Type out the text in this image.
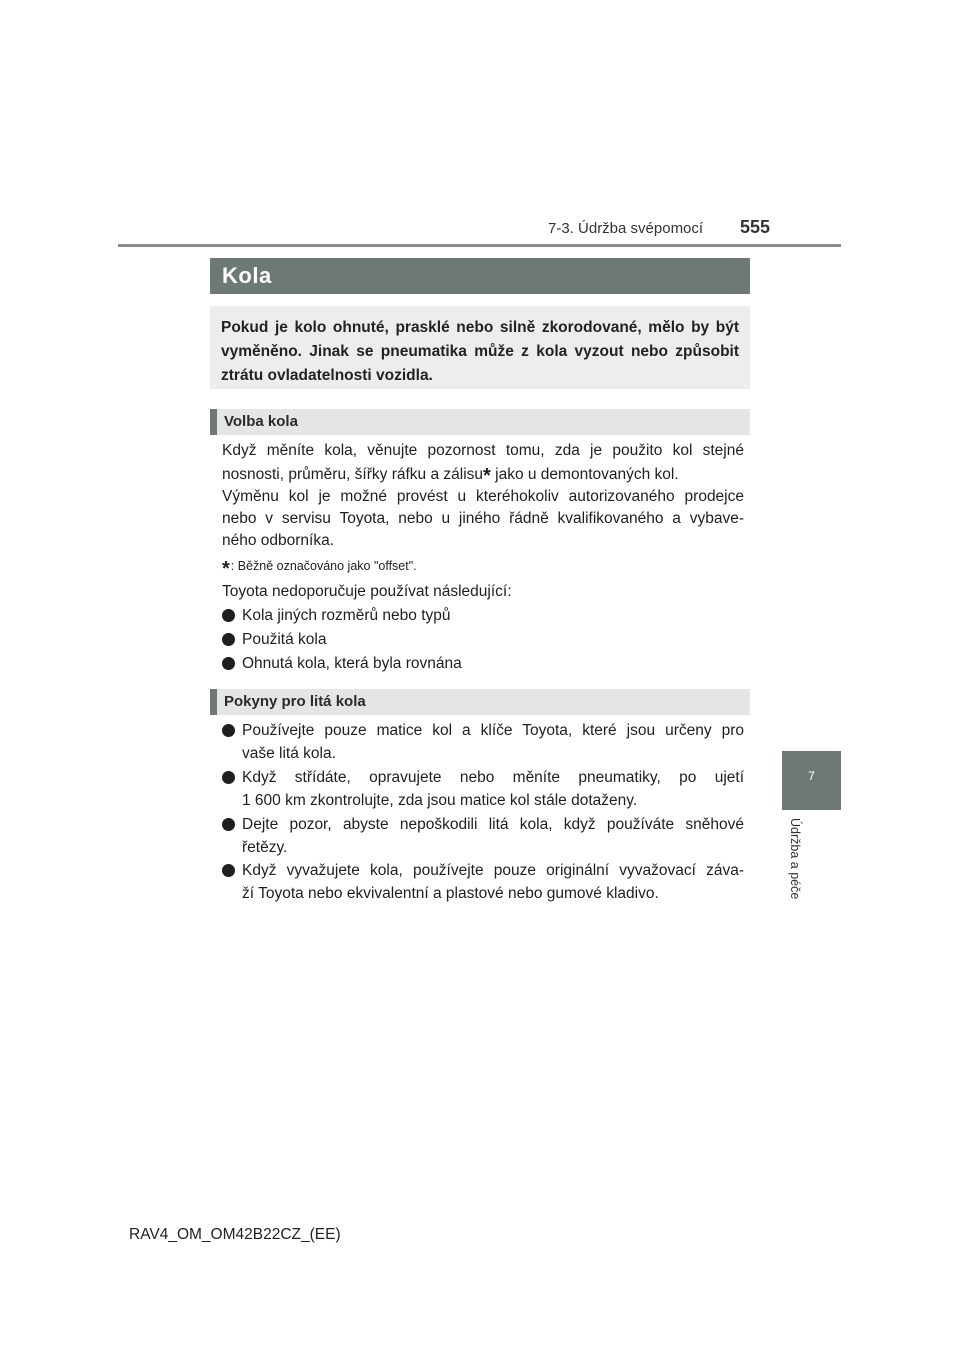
7-3. Údržba svépomocí 555
Kola

Pokud je kolo ohnuté, prasklé nebo silně zkorodované, mělo by být vyměněno. Jinak se pneumatika může z kola vyzout nebo způsobit ztrátu ovladatelnosti vozidla.

Volba kola
Když měníte kola, věnujte pozornost tomu, zda je použito kol stejné
nosnosti, průměru, šířky ráfku a zálisu* jako u demontovaných kol.
Výměnu kol je možné provést u kteréhokoliv autorizovaného prodejce
nebo v servisu Toyota, nebo u jiného řádně kvalifikovaného a vybave-
ného odborníka.
*: Běžně označováno jako "offset".
Toyota nedoporučuje používat následující:
Kola jiných rozměrů nebo typů
Použitá kola
Ohnutá kola, která byla rovnána
Pokyny pro litá kola
Používejte pouze matice kol a klíče Toyota, které jsou určeny pro
vaše litá kola.
Když střídáte, opravujete nebo měníte pneumatiky, po ujetí
1 600 km zkontrolujte, zda jsou matice kol stále dotaženy.
Dejte pozor, abyste nepoškodili litá kola, když používáte sněhové
řetězy.
Když vyvažujete kola, používejte pouze originální vyvažovací záva-
ží Toyota nebo ekvivalentní a plastové nebo gumové kladivo.
7
Údržba a péče
RAV4_OM_OM42B22CZ_(EE)
